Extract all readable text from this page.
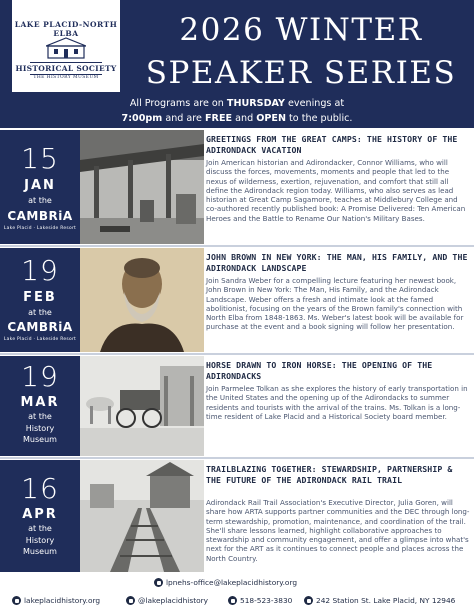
LAKE PLACID-NORTH ELBA
HISTORICAL SOCIETY
THE HISTORY MUSEUM
2026 WINTER
SPEAKER SERIES
All Programs are on THURSDAY evenings at
7:00pm and are FREE and OPEN to the public.
15
JAN
at the
CAMBRiA
Lake Placid · Lakeside Resort
GREETINGS FROM THE GREAT CAMPS: THE HISTORY OF THE ADIRONDACK VACATION
Join American historian and Adirondacker, Connor Williams, who will discuss the forces, movements, moments and people that led to the nexus of wilderness, exertion, rejuvenation, and comfort that still all define the Adirondack region today. Williams, who also serves as lead historian at Great Camp Sagamore, teaches at Middlebury College and co-authored recently published book: A Promise Delivered: Ten American Heroes and the Battle to Rename Our Nation's Military Bases.
19
FEB
at the
CAMBRiA
Lake Placid · Lakeside Resort
JOHN BROWN IN NEW YORK: THE MAN, HIS FAMILY, AND THE ADIRONDACK LANDSCAPE
Join Sandra Weber for a compelling lecture featuring her newest book, John Brown in New York: The Man, His Family, and the Adirondack Landscape. Weber offers a fresh and intimate look at the famed abolitionist, focusing on the years of the Brown family's connection with North Elba from 1848-1863. Ms. Weber's latest book will be available for purchase at the event and a book signing will follow her presentation.
19
MAR
at the
History
Museum
HORSE DRAWN TO IRON HORSE: THE OPENING OF THE ADIRONDACKS
Join Parmelee Tolkan as she explores the history of early transportation in the United States and the opening up of the Adirondacks to summer residents and tourists with the arrival of the trains. Ms. Tolkan is a long-time resident of Lake Placid and a Historical Society board member.
16
APR
at the
History
Museum
TRAILBLAZING TOGETHER: STEWARDSHIP, PARTNERSHIP & THE FUTURE OF THE ADIRONDACK RAIL TRAIL
Adirondack Rail Trail Association's Executive Director, Julia Goren, will share how ARTA supports partner communities and the DEC through long-term stewardship, promotion, maintenance, and coordination of the trail. She'll share lessons learned, highlight collaborative approaches to stewardship and community engagement, and offer a glimpse into what's next for the ART as it continues to connect people and places across the North Country.
lpnehs-office@lakeplacidhistory.org
lakeplacidhistory.org	@lakeplacidhistory	518-523-3830	242 Station St. Lake Placid, NY 12946
